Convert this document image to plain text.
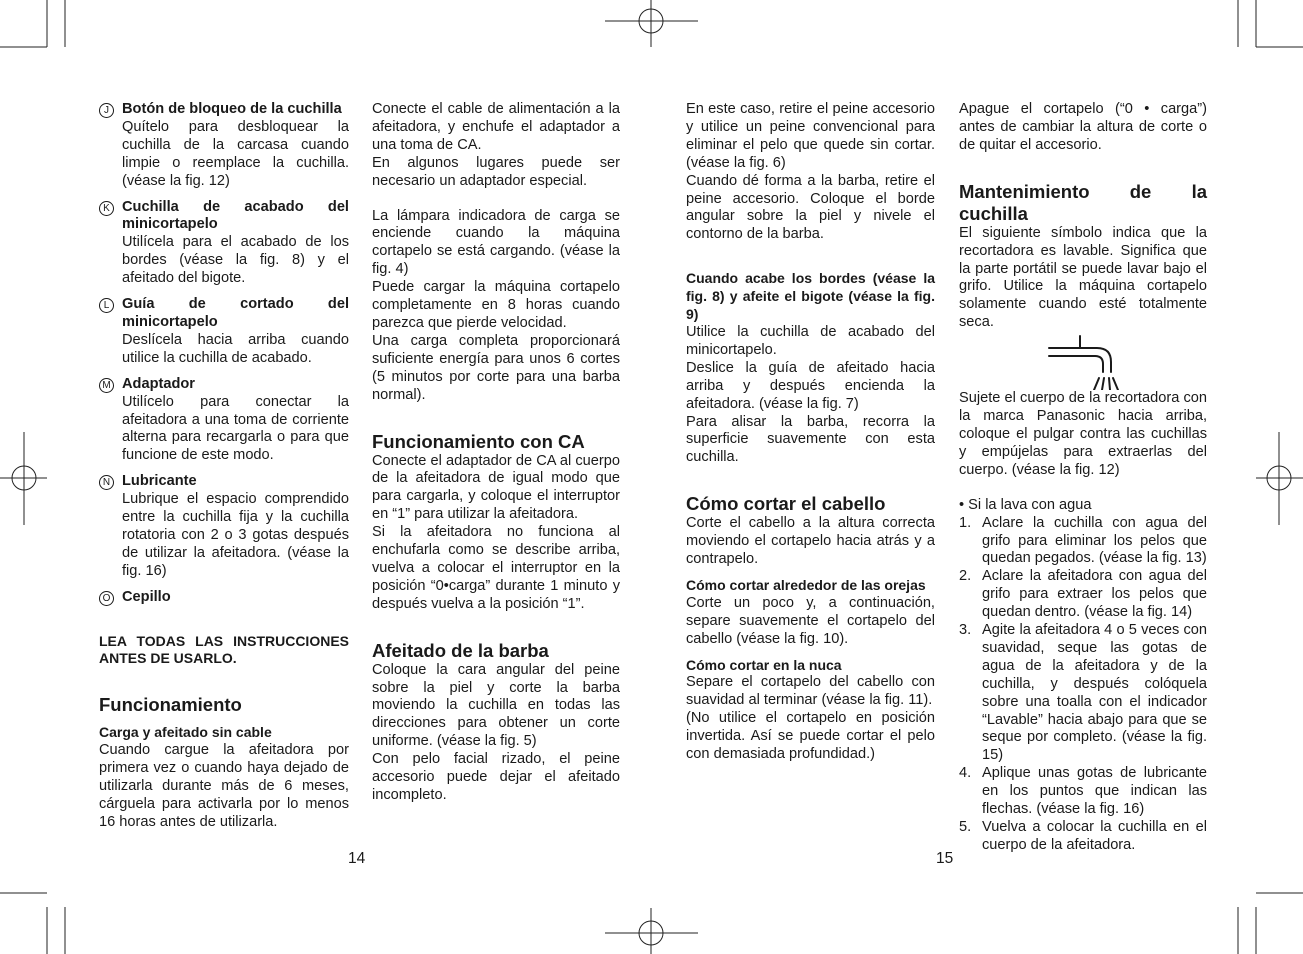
J Botón de bloqueo de la cuchilla

Quítelo para desbloquear la cuchilla de la carcasa cuando limpie o reemplace la cuchilla. (véase la fig. 12)

K Cuchilla de acabado del minicortapelo

Utilícela para el acabado de los bordes (véase la fig. 8) y el afeitado del bigote.

L Guía de cortado del minicortapelo

Deslícela hacia arriba cuando utilice la cuchilla de acabado.

M Adaptador

Utilícelo para conectar la afeitadora a una toma de corriente alterna para recargarla o para que funcione de este modo.

N Lubricante

Lubrique el espacio comprendido entre la cuchilla fija y la cuchilla rotatoria con 2 o 3 gotas después de utilizar la afeitadora. (véase la fig. 16)

O Cepillo

LEA TODAS LAS INSTRUCCIONES ANTES DE USARLO.

Funcionamiento

Carga y afeitado sin cable

Cuando cargue la afeitadora por primera vez o cuando haya dejado de utilizarla durante más de 6 meses, cárguela para activarla por lo menos 16 horas antes de utilizarla.

Conecte el cable de alimentación a la afeitadora, y enchufe el adaptador a una toma de CA.

En algunos lugares puede ser necesario un adaptador especial.

La lámpara indicadora de carga se enciende cuando la máquina cortapelo se está cargando. (véase la fig. 4)

Puede cargar la máquina cortapelo completamente en 8 horas cuando parezca que pierde velocidad.

Una carga completa proporcionará suficiente energía para unos 6 cortes (5 minutos por corte para una barba normal).

Funcionamiento con CA

Conecte el adaptador de CA al cuerpo de la afeitadora de igual modo que para cargarla, y coloque el interruptor en “1” para utilizar la afeitadora.

Si la afeitadora no funciona al enchufarla como se describe arriba, vuelva a colocar el interruptor en la posición “0•carga” durante 1 minuto y después vuelva a la posición “1”.

Afeitado de la barba

Coloque la cara angular del peine sobre la piel y corte la barba moviendo la cuchilla en todas las direcciones para obtener un corte uniforme. (véase la fig. 5)

Con pelo facial rizado, el peine accesorio puede dejar el afeitado incompleto.

En este caso, retire el peine accesorio y utilice un peine convencional para eliminar el pelo que quede sin cortar. (véase la fig. 6)

Cuando dé forma a la barba, retire el peine accesorio. Coloque el borde angular sobre la piel y nivele el contorno de la barba.

Cuando acabe los bordes (véase la fig. 8) y afeite el bigote (véase la fig. 9)

Utilice la cuchilla de acabado del minicortapelo.

Deslice la guía de afeitado hacia arriba y después encienda la afeitadora. (véase la fig. 7)

Para alisar la barba, recorra la superficie suavemente con esta cuchilla.

Cómo cortar el cabello

Corte el cabello a la altura correcta moviendo el cortapelo hacia atrás y a contrapelo.

Cómo cortar alrededor de las orejas

Corte un poco y, a continuación, separe suavemente el cortapelo del cabello (véase la fig. 10).

Cómo cortar en la nuca

Separe el cortapelo del cabello con suavidad al terminar (véase la fig. 11).

(No utilice el cortapelo en posición invertida. Así se puede cortar el pelo con demasiada profundidad.)

Apague el cortapelo (“0 • carga”) antes de cambiar la altura de corte o de quitar el accesorio.

Mantenimiento de la cuchilla

El siguiente símbolo indica que la recortadora es lavable. Significa que la parte portátil se puede lavar bajo el grifo. Utilice la máquina cortapelo solamente cuando esté totalmente seca.

Sujete el cuerpo de la recortadora con la marca Panasonic hacia arriba, coloque el pulgar contra las cuchillas y empújelas para extraerlas del cuerpo. (véase la fig. 12)

• Si la lava con agua

1. Aclare la cuchilla con agua del grifo para eliminar los pelos que quedan pegados. (véase la fig. 13)

2. Aclare la afeitadora con agua del grifo para extraer los pelos que quedan dentro. (véase la fig. 14)

3. Agite la afeitadora 4 o 5 veces con suavidad, seque las gotas de agua de la afeitadora y de la cuchilla, y después colóquela sobre una toalla con el indicador “Lavable” hacia abajo para que se seque por completo. (véase la fig. 15)

4. Aplique unas gotas de lubricante en los puntos que indican las flechas. (véase la fig. 16)

5. Vuelva a colocar la cuchilla en el cuerpo de la afeitadora.

14	15
